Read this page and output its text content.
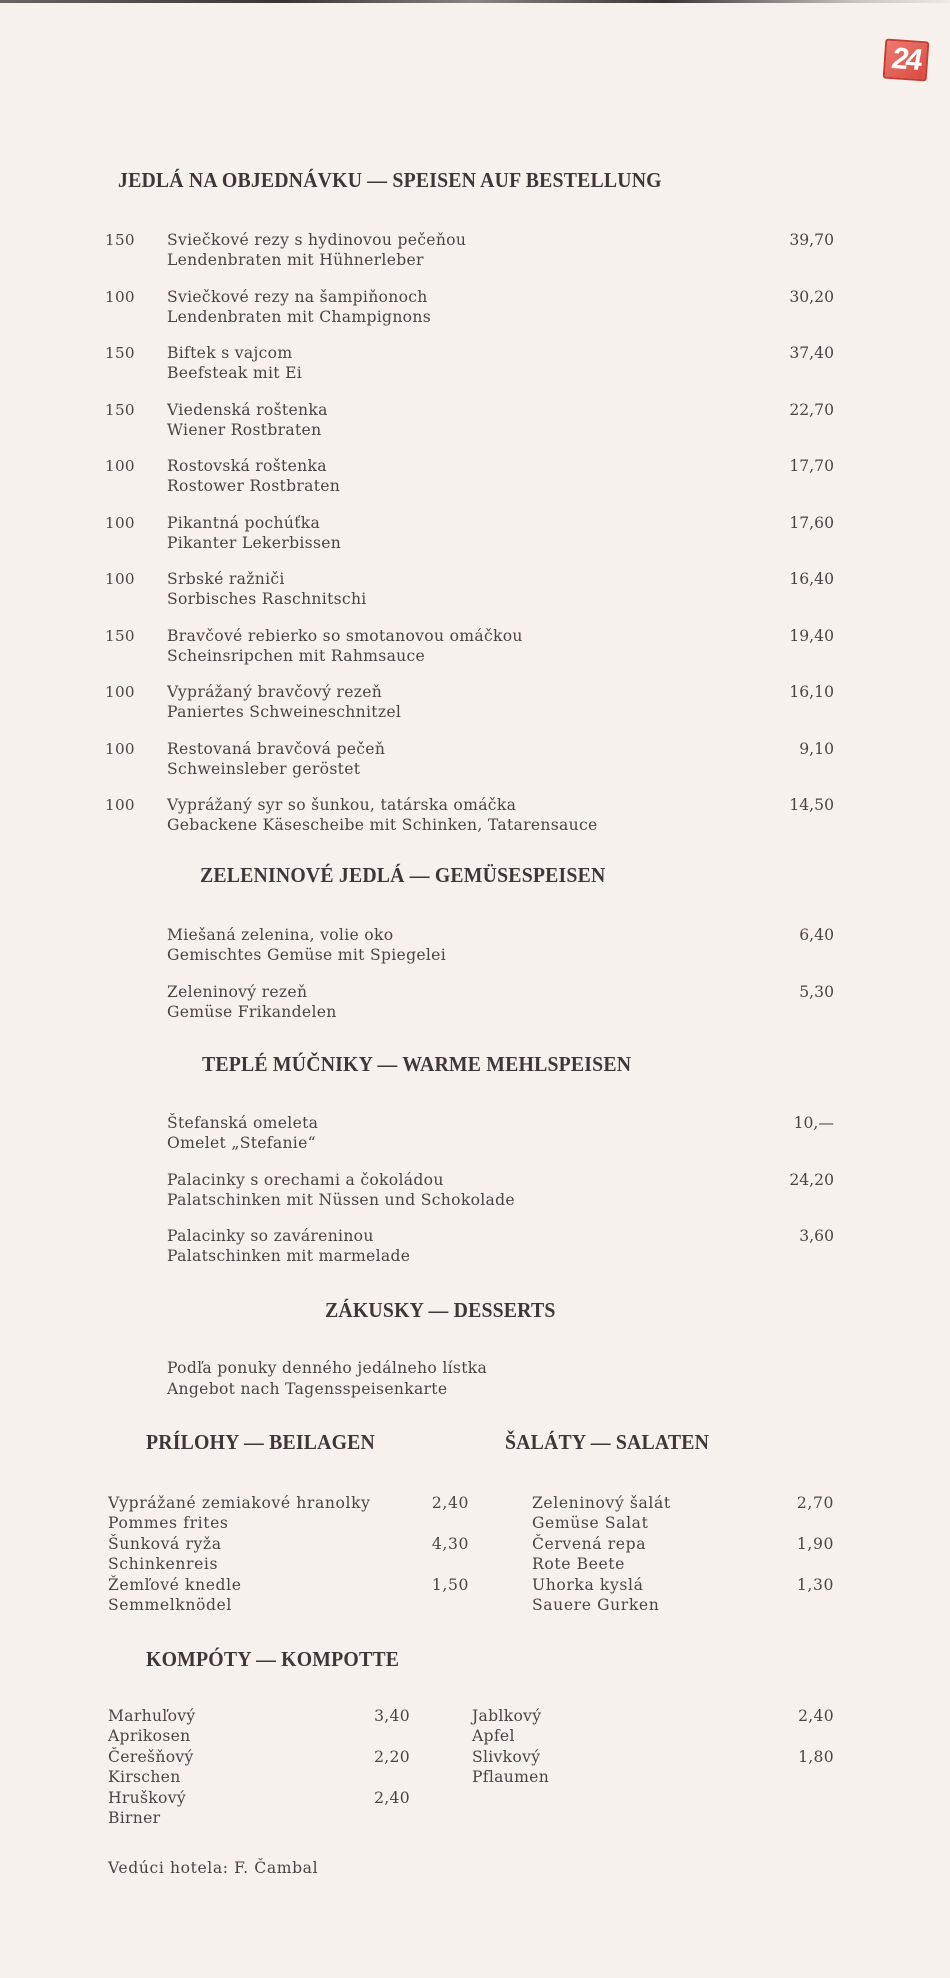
24
JEDLÁ NA OBJEDNÁVKU — SPEISEN AUF BESTELLUNG
150 Sviečkové rezy s hydinovou pečeňou
Lendenbraten mit Hühnerleber
39,70
100 Sviečkové rezy na šampiňonoch
Lendenbraten mit Champignons
30,20
150 Biftek s vajcom
Beefsteak mit Ei
37,40
150 Viedenská roštenka
Wiener Rostbraten
22,70
100 Rostovská roštenka
Rostower Rostbraten
17,70
100 Pikantná pochúťka
Pikanter Lekerbissen
17,60
100 Srbské ražniči
Sorbisches Raschnitschi
16,40
150 Bravčové rebierko so smotanovou omáčkou
Scheinsripchen mit Rahmsauce
19,40
100 Vyprážaný bravčový rezeň
Paniertes Schweineschnitzel
16,10
100 Restovaná bravčová pečeň
Schweinsleber geröstet
9,10
100 Vyprážaný syr so šunkou, tatárska omáčka
Gebackene Käsescheibe mit Schinken, Tatarensauce
14,50
ZELENINOVÉ JEDLÁ — GEMÜSESPEISEN
Miešaná zelenina, volie oko
Gemischtes Gemüse mit Spiegelei
6,40
Zeleninový rezeň
Gemüse Frikandelen
5,30
TEPLÉ MÚČNIKY — WARME MEHLSPEISEN
Štefanská omeleta
Omelet „Stefanie“
10,—
Palacinky s orechami a čokoládou
Palatschinken mit Nüssen und Schokolade
24,20
Palacinky so zaváreninou
Palatschinken mit marmelade
3,60
ZÁKUSKY — DESSERTS
Podľa ponuky denného jedálneho lístka
Angebot nach Tagensspeisenkarte
PRÍLOHY — BEILAGEN	ŠALÁTY — SALATEN
Vyprážané zemiakové hranolky
Pommes frites
2,40
Šunková ryža
Schinkenreis
4,30
Žemľové knedle
Semmelknödel
1,50
Zeleninový šalát
Gemüse Salat
2,70
Červená repa
Rote Beete
1,90
Uhorka kyslá
Sauere Gurken
1,30
KOMPÓTY — KOMPOTTE
Marhuľový
Aprikosen
3,40
Čerešňový
Kirschen
2,20
Hruškový
Birner
2,40
Jablkový
Apfel
2,40
Slivkový
Pflaumen
1,80
Vedúci hotela: F. Čambal
